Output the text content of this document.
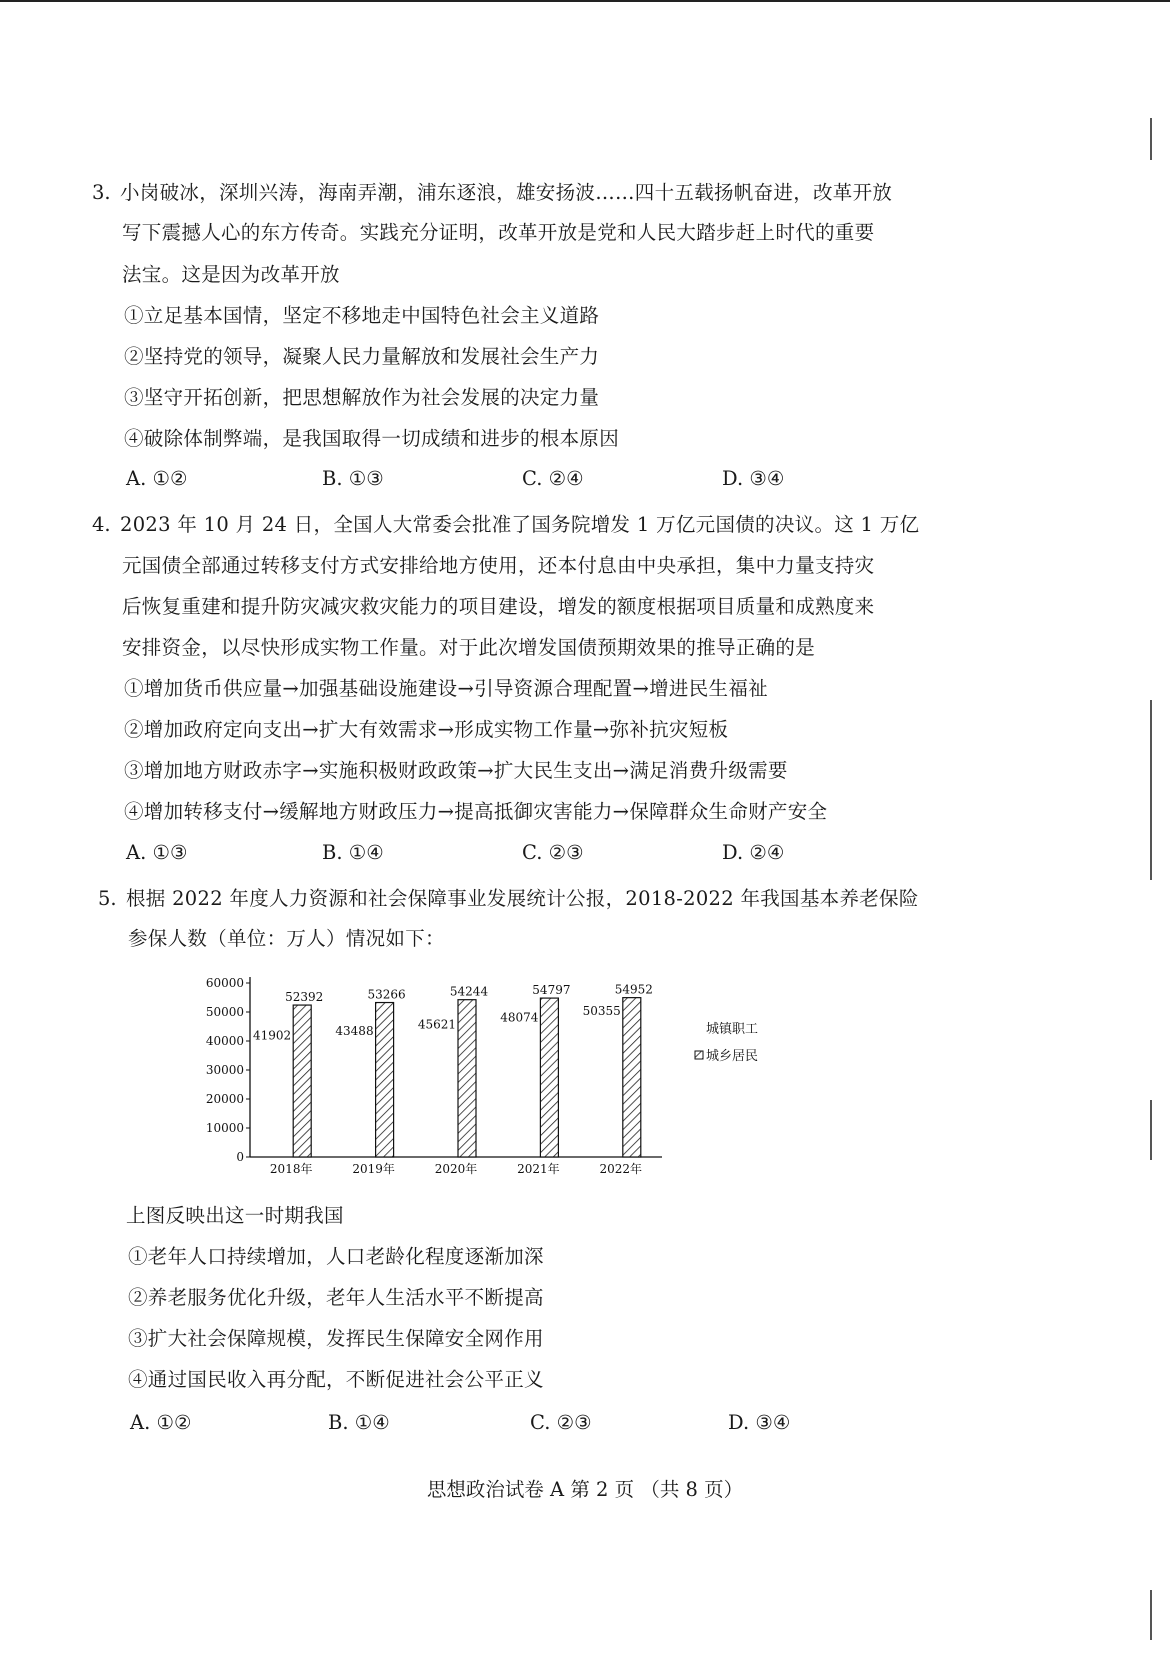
3. 小岗破冰，深圳兴涛，海南弄潮，浦东逐浪，雄安扬波……四十五载扬帆奋进，改革开放
写下震撼人心的东方传奇。实践充分证明，改革开放是党和人民大踏步赶上时代的重要
法宝。这是因为改革开放
①立足基本国情，坚定不移地走中国特色社会主义道路
②坚持党的领导，凝聚人民力量解放和发展社会生产力
③坚守开拓创新，把思想解放作为社会发展的决定力量
④破除体制弊端，是我国取得一切成绩和进步的根本原因
A. ①②	B. ①③	C. ②④	D. ③④
4. 2023 年 10 月 24 日，全国人大常委会批准了国务院增发 1 万亿元国债的决议。这 1 万亿
元国债全部通过转移支付方式安排给地方使用，还本付息由中央承担，集中力量支持灾
后恢复重建和提升防灾减灾救灾能力的项目建设，增发的额度根据项目质量和成熟度来
安排资金，以尽快形成实物工作量。对于此次增发国债预期效果的推导正确的是
①增加货币供应量→加强基础设施建设→引导资源合理配置→增进民生福祉
②增加政府定向支出→扩大有效需求→形成实物工作量→弥补抗灾短板
③增加地方财政赤字→实施积极财政政策→扩大民生支出→满足消费升级需要
④增加转移支付→缓解地方财政压力→提高抵御灾害能力→保障群众生命财产安全
A. ①③	B. ①④	C. ②③	D. ②④
5. 根据 2022 年度人力资源和社会保障事业发展统计公报，2018-2022 年我国基本养老保险
参保人数（单位：万人）情况如下：
0
10000
20000
30000
40000
50000
60000
2018年	2019年	2020年	2021年	2022年
52392
41902
53266
43488
54244
45621
54797
48074
54952
50355
城镇职工
城乡居民
上图反映出这一时期我国
①老年人口持续增加，人口老龄化程度逐渐加深
②养老服务优化升级，老年人生活水平不断提高
③扩大社会保障规模，发挥民生保障安全网作用
④通过国民收入再分配，不断促进社会公平正义
A. ①②	B. ①④	C. ②③	D. ③④
思想政治试卷 A 第 2 页 （共 8 页）
